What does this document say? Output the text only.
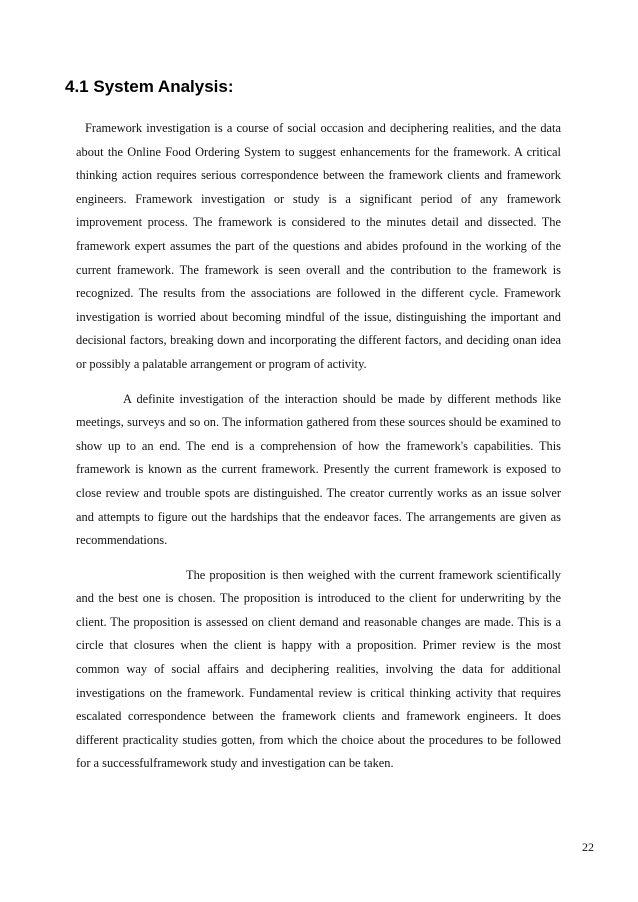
4.1 System Analysis:

Framework investigation is a course of social occasion and deciphering realities, and the data about the Online Food Ordering System to suggest enhancements for the framework. A critical thinking action requires serious correspondence between the framework clients and framework engineers. Framework investigation or study is a significant period of any framework improvement process. The framework is considered to the minutes detail and dissected. The framework expert assumes the part of the questions and abides profound in the working of the current framework. The framework is seen overall and the contribution to the framework is recognized. The results from the associations are followed in the different cycle. Framework investigation is worried about becoming mindful of the issue, distinguishing the important and decisional factors, breaking down and incorporating the different factors, and deciding onan idea or possibly a palatable arrangement or program of activity.

A definite investigation of the interaction should be made by different methods like meetings, surveys and so on. The information gathered from these sources should be examined to show up to an end. The end is a comprehension of how the framework's capabilities. This framework is known as the current framework. Presently the current framework is exposed to close review and trouble spots are distinguished. The creator currently works as an issue solver and attempts to figure out the hardships that the endeavor faces. The arrangements are given as recommendations.

The proposition is then weighed with the current framework scientifically and the best one is chosen. The proposition is introduced to the client for underwriting by the client. The proposition is assessed on client demand and reasonable changes are made. This is a circle that closures when the client is happy with a proposition. Primer review is the most common way of social affairs and deciphering realities, involving the data for additional investigations on the framework. Fundamental review is critical thinking activity that requires escalated correspondence between the framework clients and framework engineers. It does different practicality studies gotten, from which the choice about the procedures to be followed for a successfulframework study and investigation can be taken.

22
